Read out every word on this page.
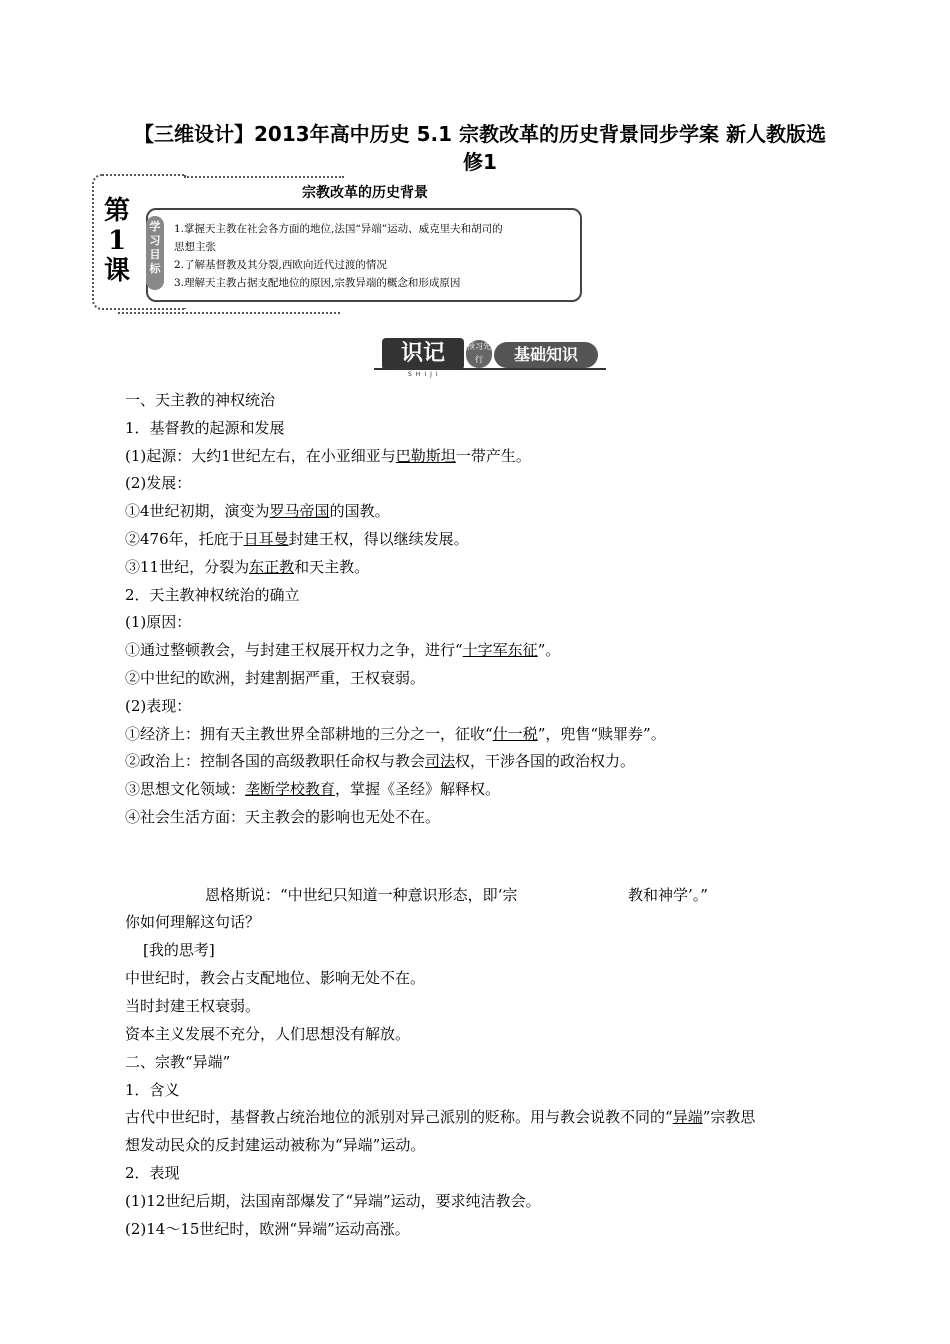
【三维设计】2013年高中历史 5.1 宗教改革的历史背景同步学案 新人教版选
修1
第1课
宗教改革的历史背景
学习目标
1.掌握天主教在社会各方面的地位,法国“异端”运动、威克里夫和胡司的
思想主张
2.了解基督教及其分裂,西欧向近代过渡的情况
3.理解天主教占据支配地位的原因,宗教异端的概念和形成原因
识记	预习先行	基础知识
SHIJI
一、天主教的神权统治
1．基督教的起源和发展
(1)起源：大约1世纪左右，在小亚细亚与巴勒斯坦一带产生。
(2)发展：
①4世纪初期，演变为罗马帝国的国教。
②476年，托庇于日耳曼封建王权，得以继续发展。
③11世纪，分裂为东正教和天主教。
2．天主教神权统治的确立
(1)原因：
①通过整顿教会，与封建王权展开权力之争，进行“十字军东征”。
②中世纪的欧洲，封建割据严重，王权衰弱。
(2)表现：
①经济上：拥有天主教世界全部耕地的三分之一，征收“什一税”，兜售“赎罪券”。
②政治上：控制各国的高级教职任命权与教会司法权，干涉各国的政治权力。
③思想文化领域：垄断学校教育，掌握《圣经》解释权。
④社会生活方面：天主教会的影响也无处不在。
恩格斯说：“中世纪只知道一种意识形态，即‘宗	教和神学’。”
你如何理解这句话？
[我的思考]
中世纪时，教会占支配地位、影响无处不在。
当时封建王权衰弱。
资本主义发展不充分，人们思想没有解放。
二、宗教“异端”
1．含义
古代中世纪时，基督教占统治地位的派别对异己派别的贬称。用与教会说教不同的“异端”宗教思
想发动民众的反封建运动被称为“异端”运动。
2．表现
(1)12世纪后期，法国南部爆发了“异端”运动，要求纯洁教会。
(2)14～15世纪时，欧洲“异端”运动高涨。
